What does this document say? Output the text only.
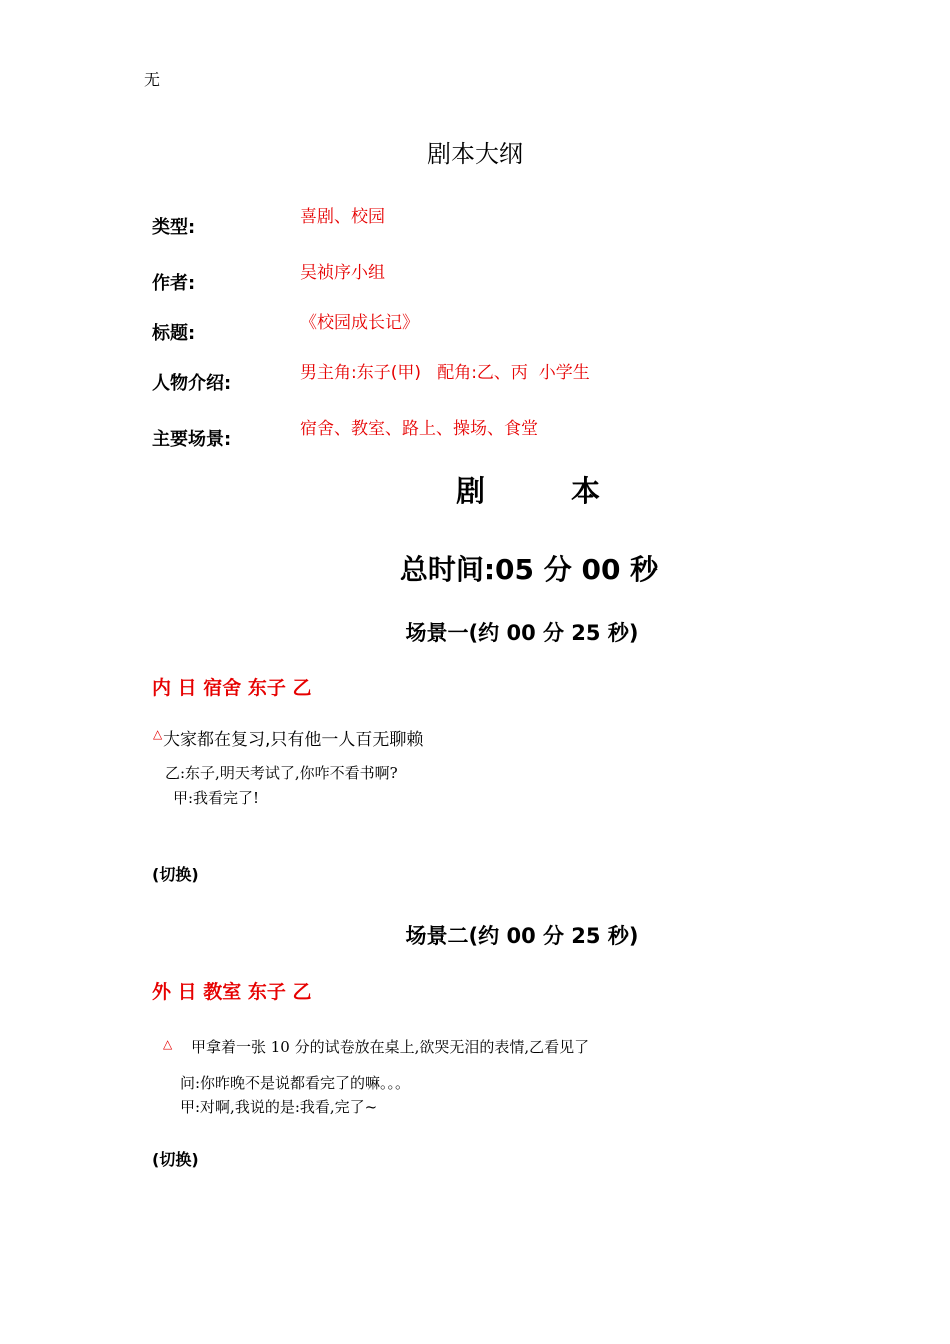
无
剧本大纲
类型:	喜剧、校园
作者:	吴祯序小组
标题:	《校园成长记》
人物介绍:	男主角:东子(甲)   配角:乙、丙  小学生
主要场景:	宿舍、教室、路上、操场、食堂
剧	本
总时间:05 分 00 秒
场景一(约 00 分 25 秒)
内 日 宿舍 东子 乙
△ 大家都在复习,只有他一人百无聊赖
乙:东子,明天考试了,你咋不看书啊?
甲:我看完了!
(切换)
场景二(约 00 分 25 秒)
外 日 教室 东子 乙
△ 甲拿着一张 10 分的试卷放在桌上,欲哭无泪的表情,乙看见了
问:你昨晚不是说都看完了的嘛。。。
甲:对啊,我说的是:我看,完了~
(切换)
